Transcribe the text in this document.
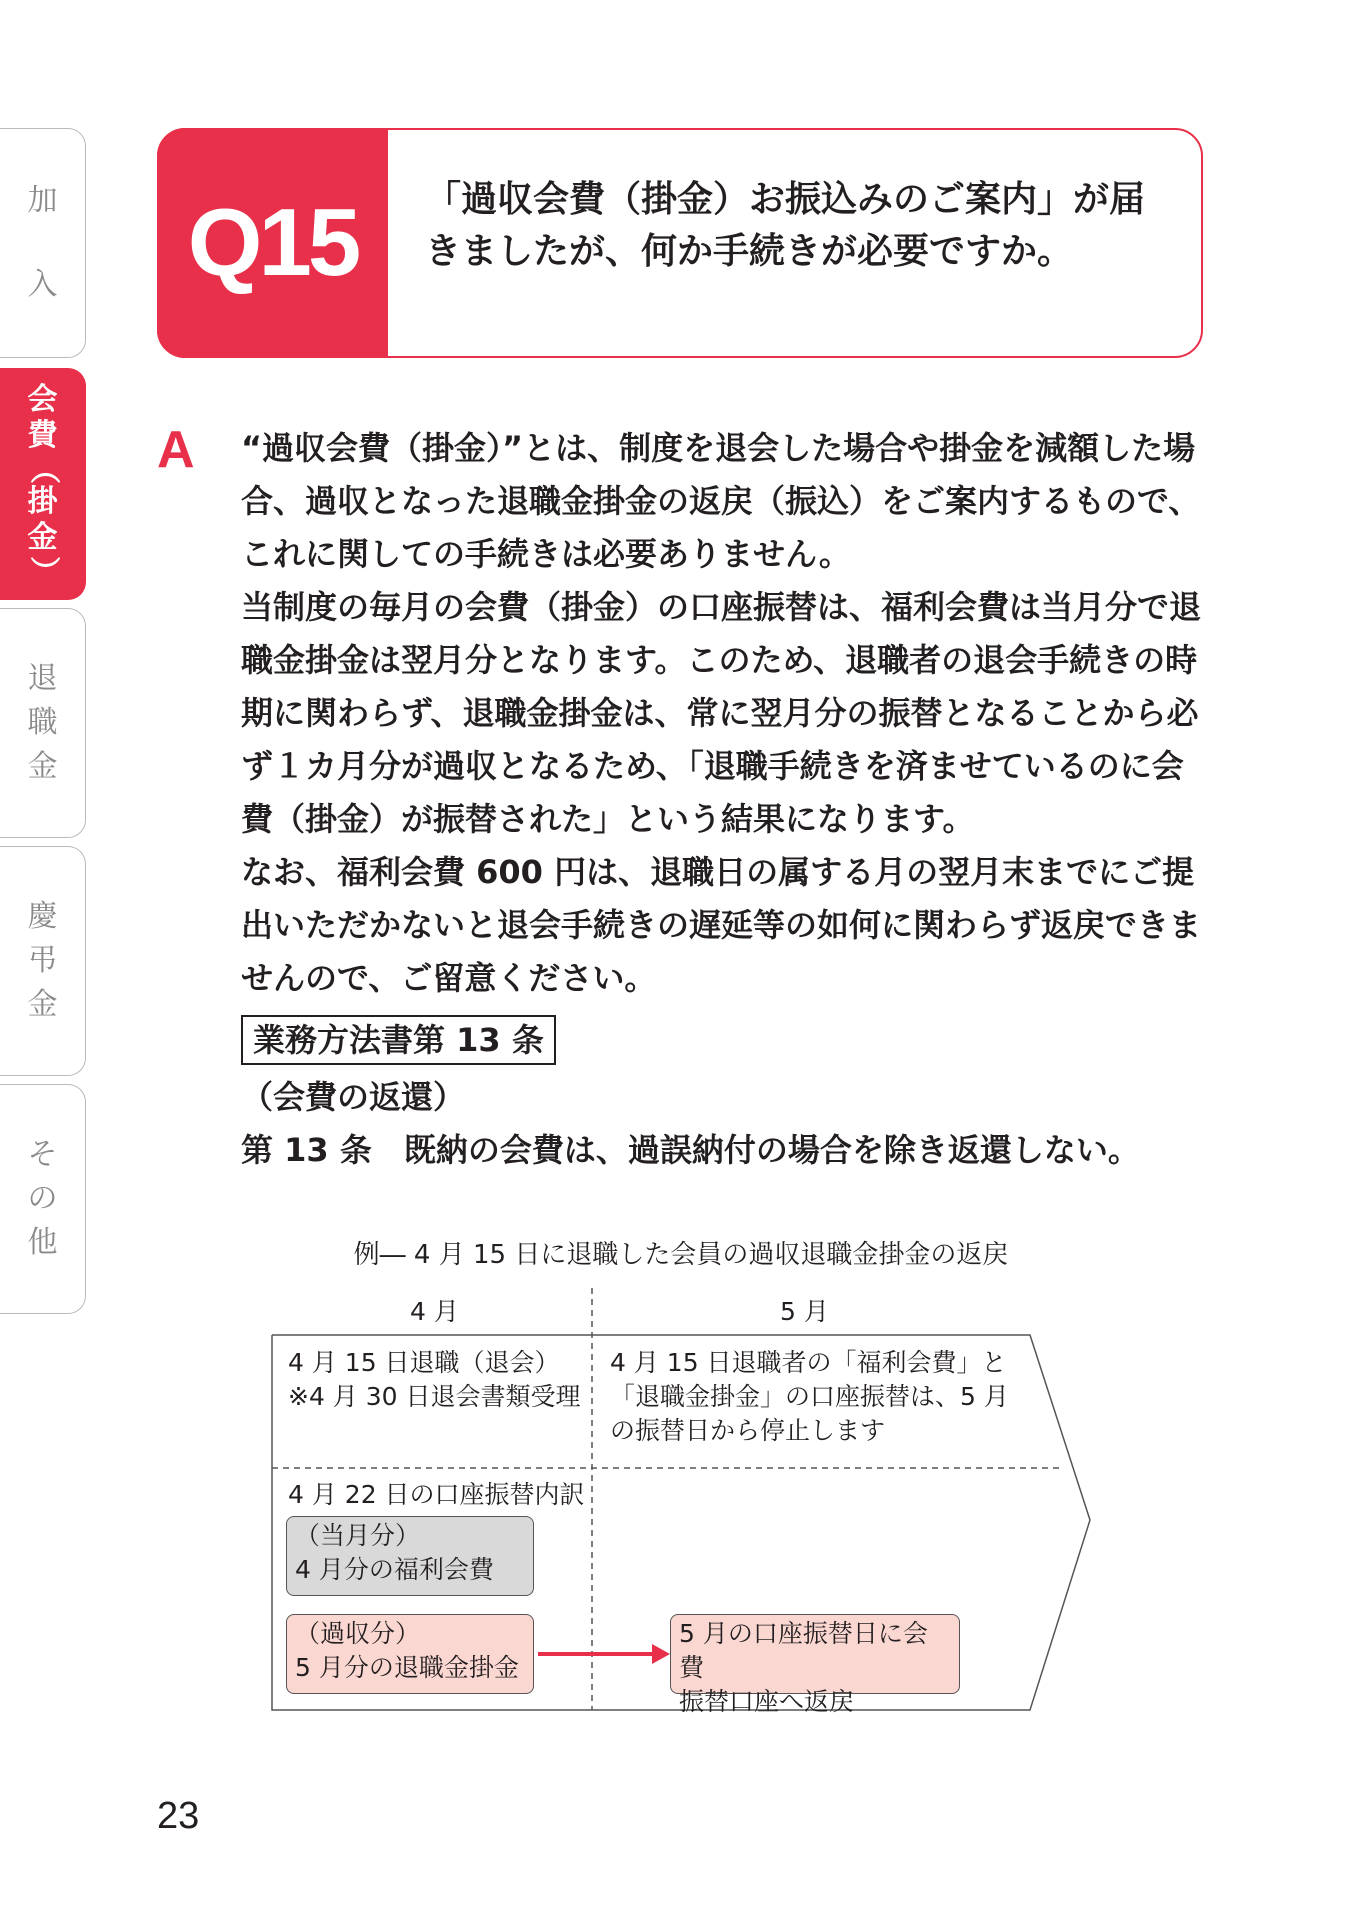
加
入
会
費
（
掛
金
）
退
職
金
慶
弔
金
そ
の
他
Q15 「過収会費（掛金）お振込みのご案内」が届きましたが、何か手続きが必要ですか。
A “過収会費（掛金）”とは、制度を退会した場合や掛金を減額した場合、過収となった退職金掛金の返戻（振込）をご案内するもので、これに関しての手続きは必要ありません。

当制度の毎月の会費（掛金）の口座振替は、福利会費は当月分で退職金掛金は翌月分となります。このため、退職者の退会手続きの時期に関わらず、退職金掛金は、常に翌月分の振替となることから必ず１カ月分が過収となるため、「退職手続きを済ませているのに会費（掛金）が振替された」という結果になります。

なお、福利会費 600 円は、退職日の属する月の翌月末までにご提出いただかないと退会手続きの遅延等の如何に関わらず返戻できませんので、ご留意ください。

業務方法書第 13 条

（会費の返還）

第 13 条　既納の会費は、過誤納付の場合を除き返還しない。

例― 4 月 15 日に退職した会員の過収退職金掛金の返戻
4 月	5 月
4 月 15 日退職（退会）
※4 月 30 日退会書類受理
4 月 15 日退職者の「福利会費」と
「退職金掛金」の口座振替は、5 月
の振替日から停止します
4 月 22 日の口座振替内訳
（当月分）
4 月分の福利会費
（過収分）
5 月分の退職金掛金
5 月の口座振替日に会費
振替口座へ返戻
23
